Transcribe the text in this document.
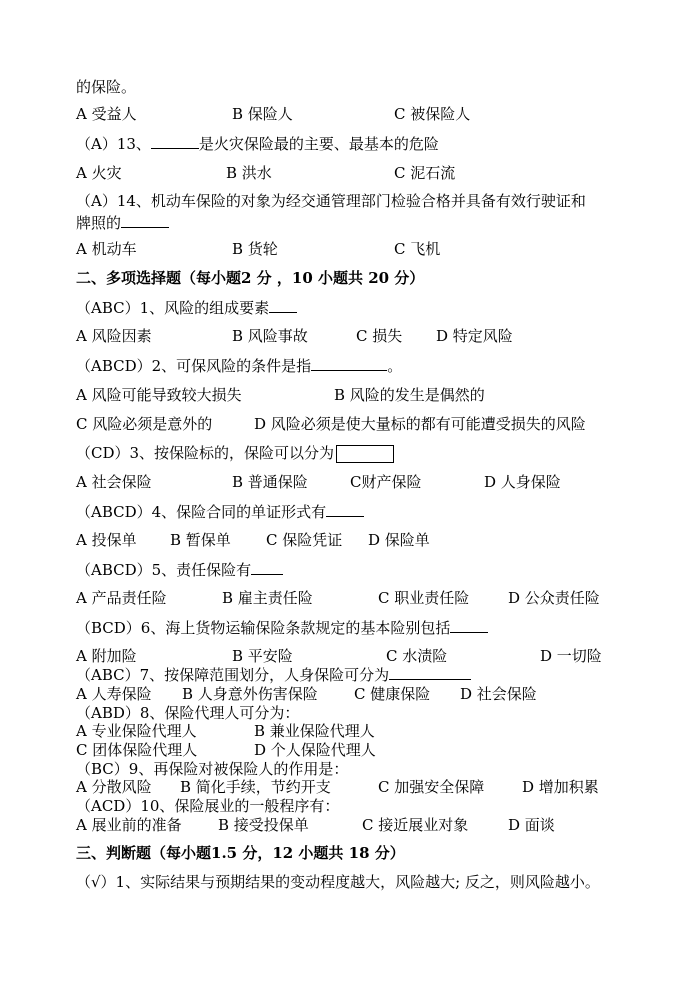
的保险。
A 受益人	B 保险人	C 被保险人
（A）13、	是火灾保险最的主要、最基本的危险
A 火灾	B 洪水	C 泥石流
（A）14、机动车保险的对象为经交通管理部门检验合格并具备有效行驶证和
牌照的
A 机动车	B 货轮	C 飞机
二、多项选择题（每小题2 分 ，10 小题共 20 分）
（ABC）1、风险的组成要素
A 风险因素	B 风险事故	C 损失 D 特定风险
（ABCD）2、可保风险的条件是指	。
A 风险可能导致较大损失	B 风险的发生是偶然的
C 风险必须是意外的	D 风险必须是使大量标的都有可能遭受损失的风险
（CD）3、按保险标的，保险可以分为
A 社会保险	B 普通保险	C财产保险	D 人身保险
（ABCD）4、保险合同的单证形式有
A 投保单 B 暂保单 C 保险凭证 D 保险单
（ABCD）5、责任保险有
A 产品责任险	B 雇主责任险	C 职业责任险	D 公众责任险
（BCD）6、海上货物运输保险条款规定的基本险别包括
A 附加险	B 平安险	C 水渍险	D 一切险
（ABC）7、按保障范围划分，人身保险可分为
A 人寿保险 B 人身意外伤害保险 C 健康保险 D 社会保险
（ABD）8、保险代理人可分为：
A 专业保险代理人	B 兼业保险代理人
C 团体保险代理人	D 个人保险代理人
（BC）9、再保险对被保险人的作用是：
A 分散风险 B 简化手续，节约开支	C 加强安全保障	D 增加积累
（ACD）10、保险展业的一般程序有：
A 展业前的准备 B 接受投保单	C 接近展业对象	D 面谈
三、判断题（每小题1.5 分，12 小题共 18 分）
（√）1、实际结果与预期结果的变动程度越大，风险越大; 反之，则风险越小。
